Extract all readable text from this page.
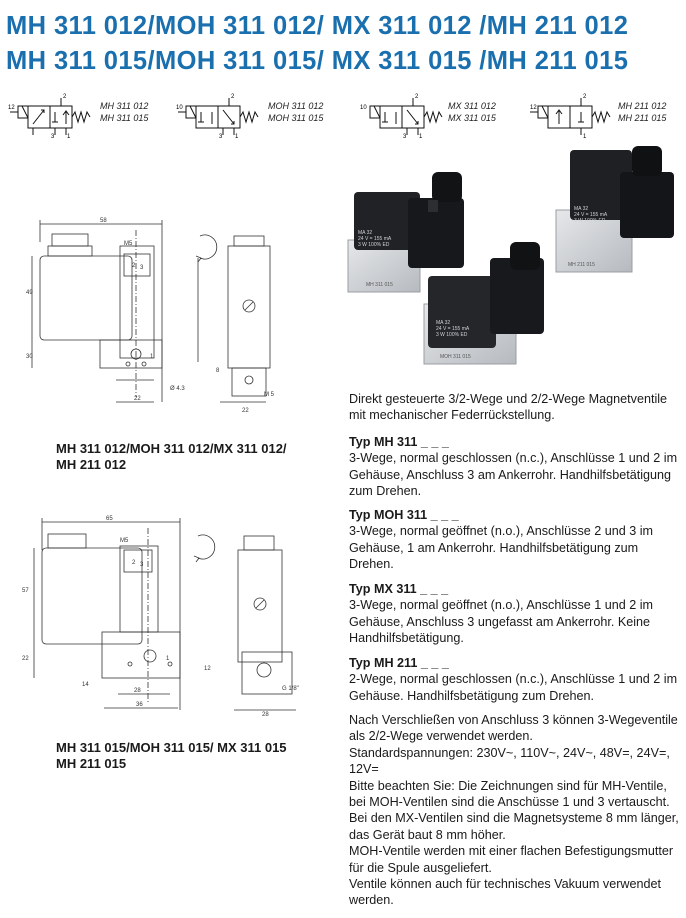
MH 311 012/MOH 311 012/ MX 311 012 /MH 211 012
MH 311 015/MOH 311 015/ MX 311 015 /MH 211 015
12
2
3 1
MH 311 012
MH 311 015
10
2
3 1
MOH 311 012
MOH 311 015
10
2
3 1
MX 311 012
MX 311 015
12
2
1
MH 211 012
MH 211 015
MA 32
24 V = 155 mA
3 W 100% ED
MH 311 015
MA 32
24 V = 155 mA
3 W 100% ED
MH 211 015
MA 32
24 V = 155 mA
3 W 100% ED
MOH 311 015
58
M5
49
30
2 3
1
Ø 4.3
22
M 5
22
8
MH 311 012/MOH 311 012/MX 311 012/
MH 211 012
65
M5
57
22
14
2 3
1
28
36
12
28
G 1/8"
MH 311 015/MOH 311 015/ MX 311 015
MH 211 015

Direkt gesteuerte 3/2-Wege und 2/2-Wege Magnetventile mit mechanischer Federrückstellung.

Typ MH 311 _ _ _

3-Wege, normal geschlossen (n.c.), Anschlüsse 1 und 2 im Gehäuse, Anschluss 3 am Ankerrohr. Handhilfsbetätigung zum Drehen.

Typ MOH 311 _ _ _

3-Wege, normal geöffnet (n.o.), Anschlüsse 2 und 3 im Gehäuse, 1 am Ankerrohr. Handhilfsbetätigung zum Drehen.

Typ MX 311 _ _ _

3-Wege, normal geöffnet (n.o.), Anschlüsse 1 und 2 im Gehäuse, Anschluss 3 ungefasst am Ankerrohr. Keine Handhilfsbetätigung.

Typ MH 211 _ _ _

2-Wege, normal geschlossen (n.c.), Anschlüsse 1 und 2 im Gehäuse. Handhilfsbetätigung zum Drehen.

Nach Verschließen von Anschluss 3 können 3-Wegeventile als 2/2-Wege verwendet werden.

Standardspannungen: 230V~, 110V~, 24V~, 48V=, 24V=, 12V=

Bitte beachten Sie: Die Zeichnungen sind für MH-Ventile, bei MOH-Ventilen sind die Anschüsse 1 und 3 vertauscht. Bei den MX-Ventilen sind die Magnetsysteme 8 mm länger, das Gerät baut 8 mm höher.

MOH-Ventile werden mit einer flachen Befestigungsmutter für die Spule ausgeliefert.

Ventile können auch für technisches Vakuum verwendet werden.
